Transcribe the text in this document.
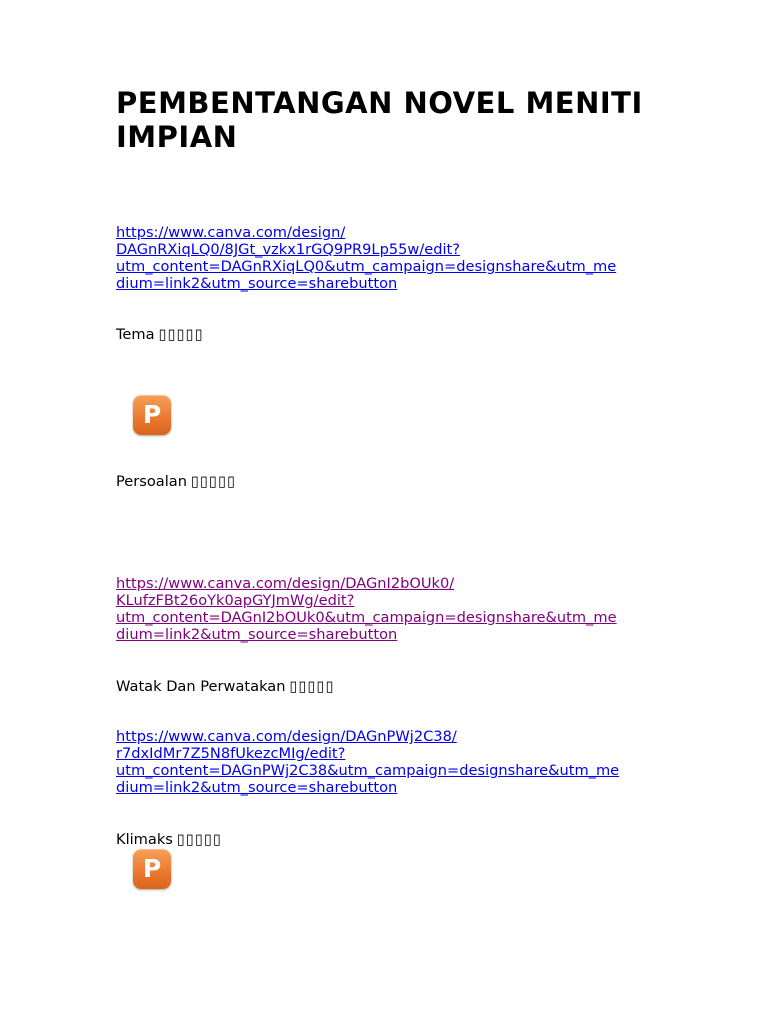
PEMBENTANGAN NOVEL MENITI IMPIAN
https://www.canva.com/design/
DAGnRXiqLQ0/8JGt_vzkx1rGQ9PR9Lp55w/edit?
utm_content=DAGnRXiqLQ0&utm_campaign=designshare&utm_me
dium=link2&utm_source=sharebutton
Tema ▯▯▯▯▯
P
Persoalan ▯▯▯▯▯
https://www.canva.com/design/DAGnI2bOUk0/
KLufzFBt26oYk0apGYJmWg/edit?
utm_content=DAGnI2bOUk0&utm_campaign=designshare&utm_me
dium=link2&utm_source=sharebutton
Watak Dan Perwatakan ▯▯▯▯▯
https://www.canva.com/design/DAGnPWj2C38/
r7dxIdMr7Z5N8fUkezcMIg/edit?
utm_content=DAGnPWj2C38&utm_campaign=designshare&utm_me
dium=link2&utm_source=sharebutton
Klimaks ▯▯▯▯▯
P
